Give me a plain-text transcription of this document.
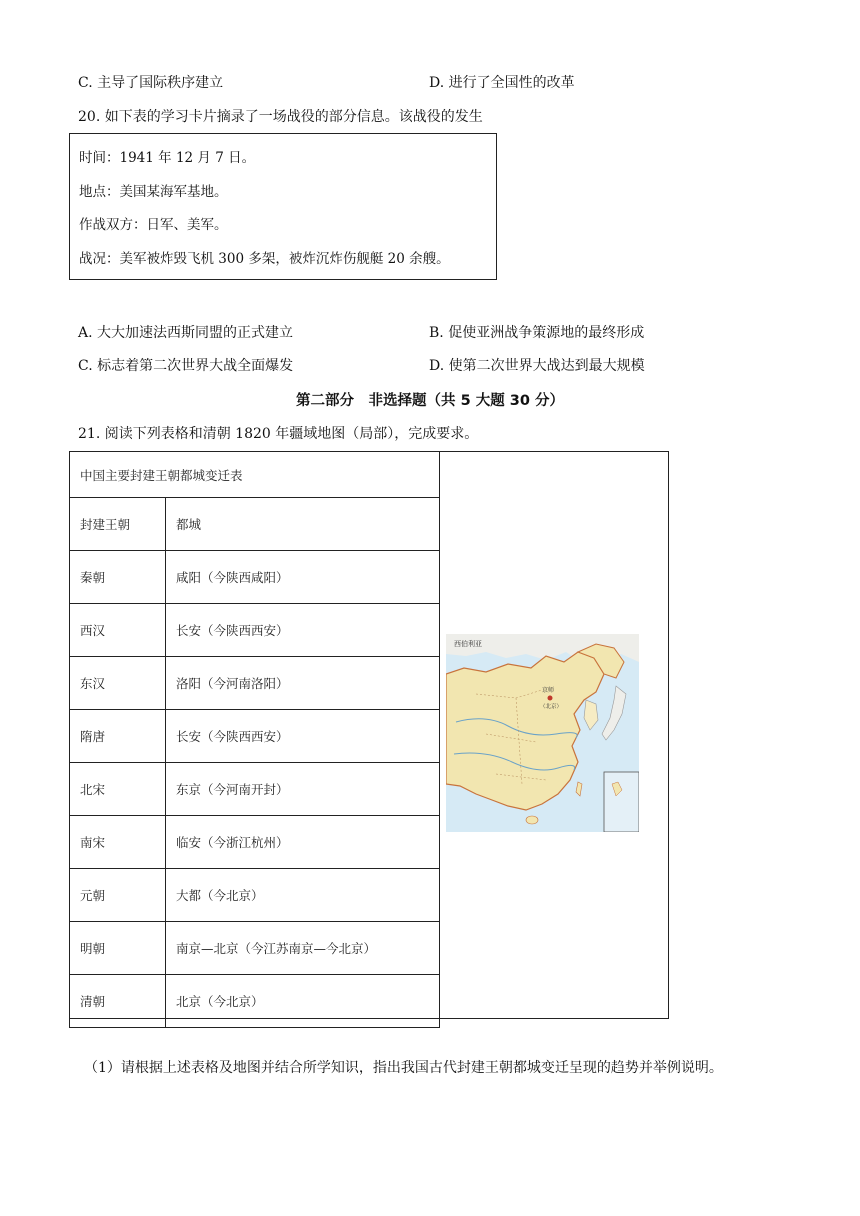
C. 主导了国际秩序建立	D. 进行了全国性的改革
20. 如下表的学习卡片摘录了一场战役的部分信息。该战役的发生
时间：1941 年 12 月 7 日。
地点：美国某海军基地。
作战双方：日军、美军。
战况：美军被炸毁飞机 300 多架，被炸沉炸伤舰艇 20 余艘。
A. 大大加速法西斯同盟的正式建立	B. 促使亚洲战争策源地的最终形成
C. 标志着第二次世界大战全面爆发	D. 使第二次世界大战达到最大规模
第二部分　非选择题（共 5 大题 30 分）
21. 阅读下列表格和清朝 1820 年疆域地图（局部），完成要求。
中国主要封建王朝都城变迁表	
封建王朝	都城
秦朝	咸阳（今陕西咸阳）
西汉	长安（今陕西西安）
东汉	洛阳（今河南洛阳）
隋唐	长安（今陕西西安）
北宋	东京（今河南开封）
南宋	临安（今浙江杭州）
元朝	大都（今北京）
明朝	南京—北京（今江苏南京—今北京）
清朝	北京（今北京）
西伯利亚
京师
（北京）
（1）请根据上述表格及地图并结合所学知识，指出我国古代封建王朝都城变迁呈现的趋势并举例说明。
